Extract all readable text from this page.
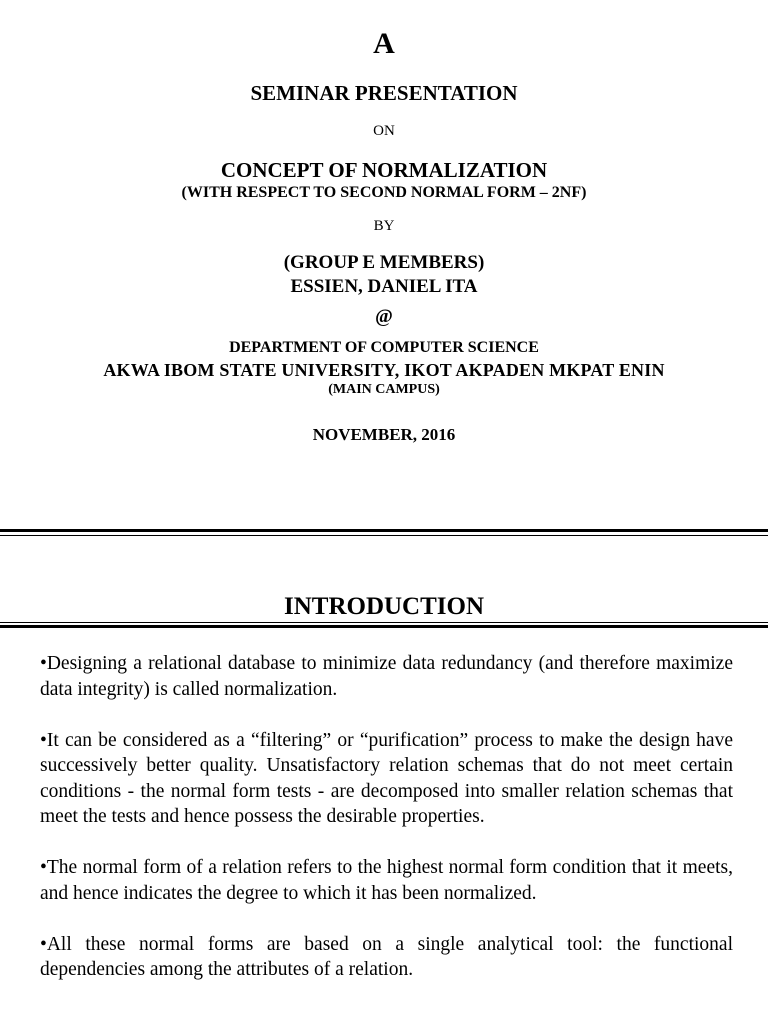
A
SEMINAR PRESENTATION
ON
CONCEPT OF NORMALIZATION
(WITH RESPECT TO SECOND NORMAL FORM – 2NF)
BY
(GROUP E MEMBERS)
ESSIEN, DANIEL ITA
@
DEPARTMENT OF COMPUTER SCIENCE
AKWA IBOM STATE UNIVERSITY, IKOT AKPADEN MKPAT ENIN
(MAIN CAMPUS)
NOVEMBER, 2016
INTRODUCTION

•Designing a relational database to minimize data redundancy (and therefore maximize data integrity) is called normalization.

•It can be considered as a “filtering” or “purification” process to make the design have successively better quality. Unsatisfactory relation schemas that do not meet certain conditions - the normal form tests - are decomposed into smaller relation schemas that meet the tests and hence possess the desirable properties.

•The normal form of a relation refers to the highest normal form condition that it meets, and hence indicates the degree to which it has been normalized.

•All these normal forms are based on a single analytical tool: the functional dependencies among the attributes of a relation.
